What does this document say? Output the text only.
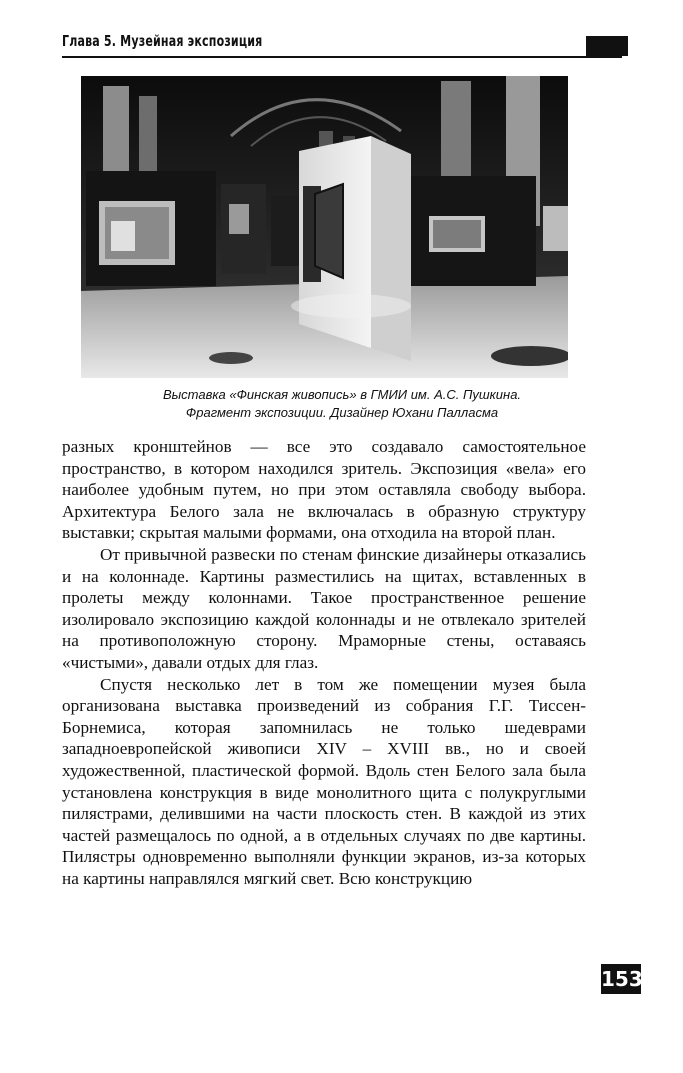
Глава 5. Музейная экспозиция
Выставка «Финская живопись» в ГМИИ им. А.С. Пушкина.
Фрагмент экспозиции. Дизайнер Юхани Палласма

разных кронштейнов — все это создавало самостоятельное пространство, в котором находился зритель. Экспозиция «вела» его наиболее удобным путем, но при этом оставляла свободу выбора. Архитектура Белого зала не включалась в образную структуру выставки; скрытая малыми формами, она отходила на второй план.

От привычной развески по стенам финские дизайнеры отказались и на колоннаде. Картины разместились на щитах, вставленных в пролеты между колоннами. Такое пространственное решение изолировало экспозицию каждой колоннады и не отвлекало зрителей на противоположную сторону. Мраморные стены, оставаясь «чистыми», давали отдых для глаз.

Спустя несколько лет в том же помещении музея была организована выставка произведений из собрания Г.Г. Тиссен-Борнемиса, которая запомнилась не только шедеврами западноевропейской живописи XIV – XVIII вв., но и своей художественной, пластической формой. Вдоль стен Белого зала была установлена конструкция в виде монолитного щита с полукруглыми пилястрами, делившими на части плоскость стен. В каждой из этих частей размещалось по одной, а в отдельных случаях по две картины. Пилястры одновременно выполняли функции экранов, из-за которых на картины направлялся мягкий свет. Всю конструкцию

153
